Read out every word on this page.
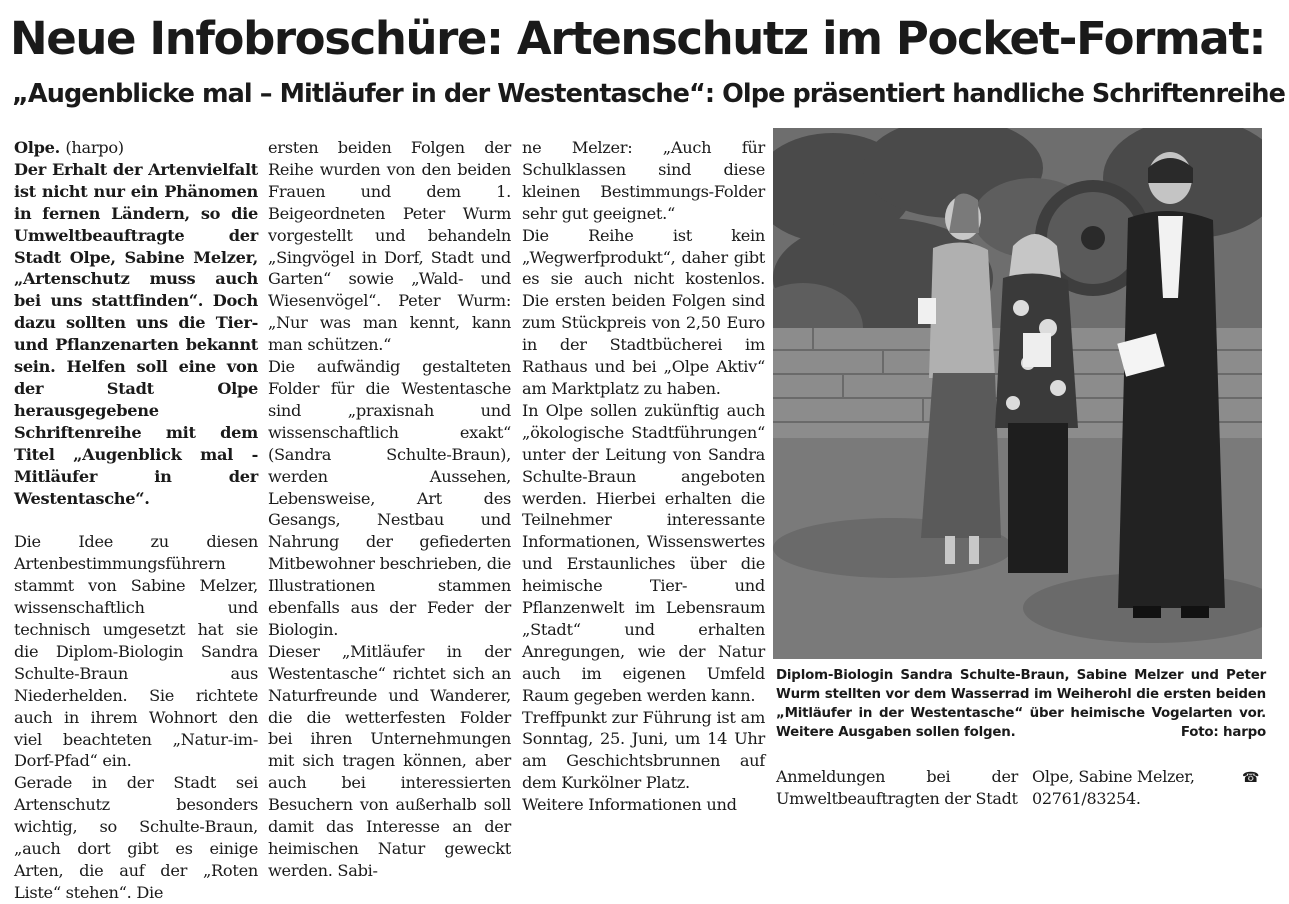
Neue Infobroschüre: Artenschutz im Pocket-Format:
„Augenblicke mal – Mitläufer in der Westentasche“: Olpe präsentiert handliche Schriftenreihe

Olpe. (harpo)
Der Erhalt der Artenvielfalt ist nicht nur ein Phänomen in fernen Ländern, so die Umweltbeauftragte der Stadt Olpe, Sabine Melzer, „Artenschutz muss auch bei uns stattfinden“. Doch dazu sollten uns die Tier- und Pflanzenarten bekannt sein. Helfen soll eine von der Stadt Olpe herausgegebene Schriftenreihe mit dem Titel „Augenblick mal - Mitläufer in der Westentasche“.

Die Idee zu diesen Artenbestimmungsführern stammt von Sabine Melzer, wissenschaftlich und technisch umgesetzt hat sie die Diplom-Biologin Sandra Schulte-Braun aus Niederhelden. Sie richtete auch in ihrem Wohnort den viel beachteten „Natur-im-Dorf-Pfad“ ein.

Gerade in der Stadt sei Artenschutz besonders wichtig, so Schulte-Braun, „auch dort gibt es einige Arten, die auf der „Roten Liste“ stehen“. Die

ersten beiden Folgen der Reihe wurden von den beiden Frauen und dem 1. Beigeordneten Peter Wurm vorgestellt und behandeln „Singvögel in Dorf, Stadt und Garten“ sowie „Wald- und Wiesenvögel“. Peter Wurm: „Nur was man kennt, kann man schützen.“

Die aufwändig gestalteten Folder für die Westentasche sind „praxisnah und wissenschaftlich exakt“ (Sandra Schulte-Braun), werden Aussehen, Lebensweise, Art des Gesangs, Nestbau und Nahrung der gefiederten Mitbewohner beschrieben, die Illustrationen stammen ebenfalls aus der Feder der Biologin.

Dieser „Mitläufer in der Westentasche“ richtet sich an Naturfreunde und Wanderer, die die wetterfesten Folder bei ihren Unternehmungen mit sich tragen können, aber auch bei interessierten Besuchern von außerhalb soll damit das Interesse an der heimischen Natur geweckt werden. Sabi-

ne Melzer: „Auch für Schulklassen sind diese kleinen Bestimmungs-Folder sehr gut geeignet.“

Die Reihe ist kein „Wegwerfprodukt“, daher gibt es sie auch nicht kostenlos. Die ersten beiden Folgen sind zum Stückpreis von 2,50 Euro in der Stadtbücherei im Rathaus und bei „Olpe Aktiv“ am Marktplatz zu haben.

In Olpe sollen zukünftig auch „ökologische Stadtführungen“ unter der Leitung von Sandra Schulte-Braun angeboten werden. Hierbei erhalten die Teilnehmer interessante Informationen, Wissenswertes und Erstaunliches über die heimische Tier- und Pflanzenwelt im Lebensraum „Stadt“ und erhalten Anregungen, wie der Natur auch im eigenen Umfeld Raum gegeben werden kann.

Treffpunkt zur Führung ist am Sonntag, 25. Juni, um 14 Uhr am Geschichtsbrunnen auf dem Kurkölner Platz.

Weitere Informationen und

Diplom-Biologin Sandra Schulte-Braun, Sabine Melzer und Peter Wurm stellten vor dem Wasserrad im Weiherohl die ersten beiden „Mitläufer in der Westentasche“ über heimische Vogelarten vor. Weitere Ausgaben sollen folgen.	Foto: harpo
Anmeldungen bei der Umweltbeauftragten der Stadt
Olpe, Sabine Melzer,
02761/83254.
☎
